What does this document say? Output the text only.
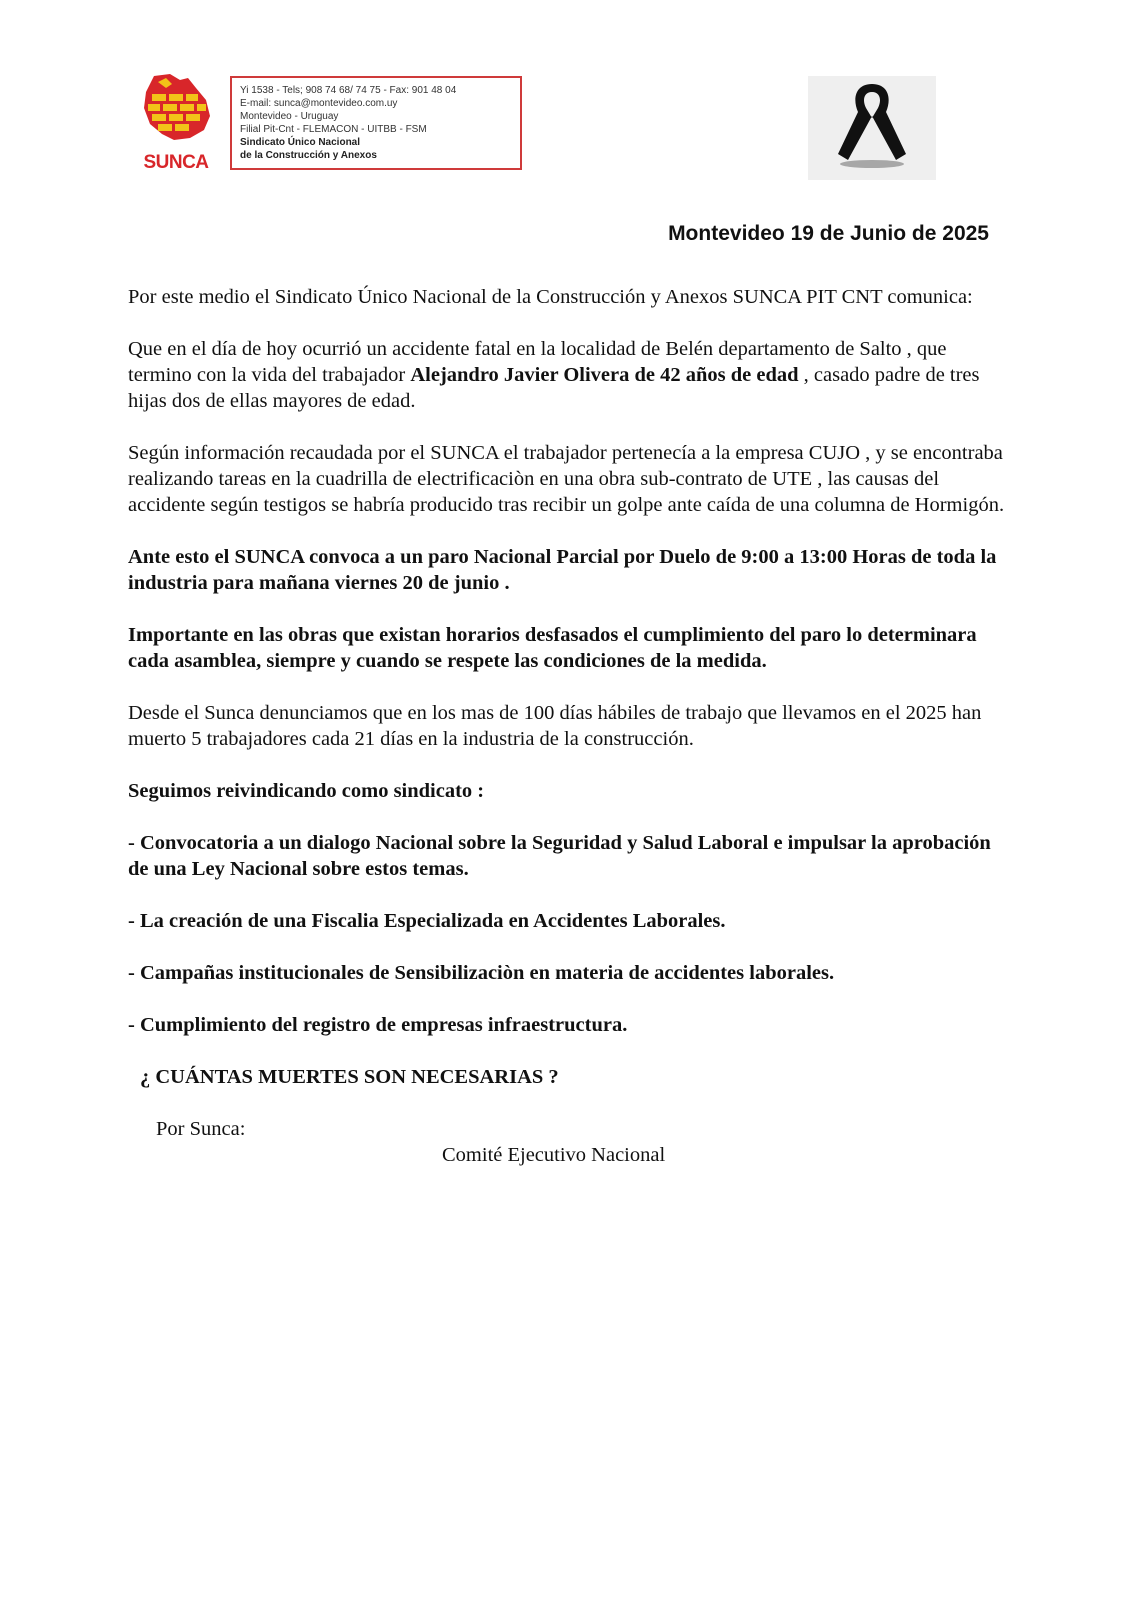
SUNCA
Yi 1538 - Tels; 908 74 68/ 74 75 - Fax: 901 48 04
E-mail: sunca@montevideo.com.uy
Montevideo - Uruguay
Filial Pit-Cnt - FLEMACON - UITBB - FSM
Sindicato Único Nacional
de la Construcción y Anexos
Montevideo 19 de Junio de 2025

Por este medio el Sindicato Único Nacional de la Construcción y Anexos SUNCA PIT CNT comunica:

Que en el día de hoy ocurrió un accidente fatal en la localidad de Belén departamento de Salto , que termino con la vida del trabajador Alejandro Javier Olivera de 42 años de edad , casado padre de tres hijas dos de ellas mayores de edad.

Según información recaudada por el SUNCA el trabajador pertenecía a la empresa CUJO , y se encontraba realizando tareas en la cuadrilla de electrificaciòn en una obra sub-contrato de UTE , las causas del accidente según testigos se habría producido tras recibir un golpe ante caída de una columna de Hormigón.

Ante esto el SUNCA convoca a un paro Nacional Parcial por Duelo de 9:00 a 13:00 Horas de toda la industria para mañana viernes 20 de junio .

Importante en las obras que existan horarios desfasados el cumplimiento del paro lo determinara cada asamblea, siempre y cuando se respete las condiciones de la medida.

Desde el Sunca denunciamos que en los mas de 100 días hábiles de trabajo que llevamos en el 2025 han muerto 5 trabajadores cada 21 días en la industria de la construcción.

Seguimos reivindicando como sindicato :

- Convocatoria a un dialogo Nacional sobre la Seguridad y Salud Laboral e impulsar la aprobación de una Ley Nacional sobre estos temas.

- La creación de una Fiscalia Especializada en Accidentes Laborales.

- Campañas institucionales de Sensibilizaciòn en materia de accidentes laborales.

- Cumplimiento del registro de empresas infraestructura.

¿ CUÁNTAS MUERTES SON NECESARIAS ?

Por Sunca:

Comité Ejecutivo Nacional
